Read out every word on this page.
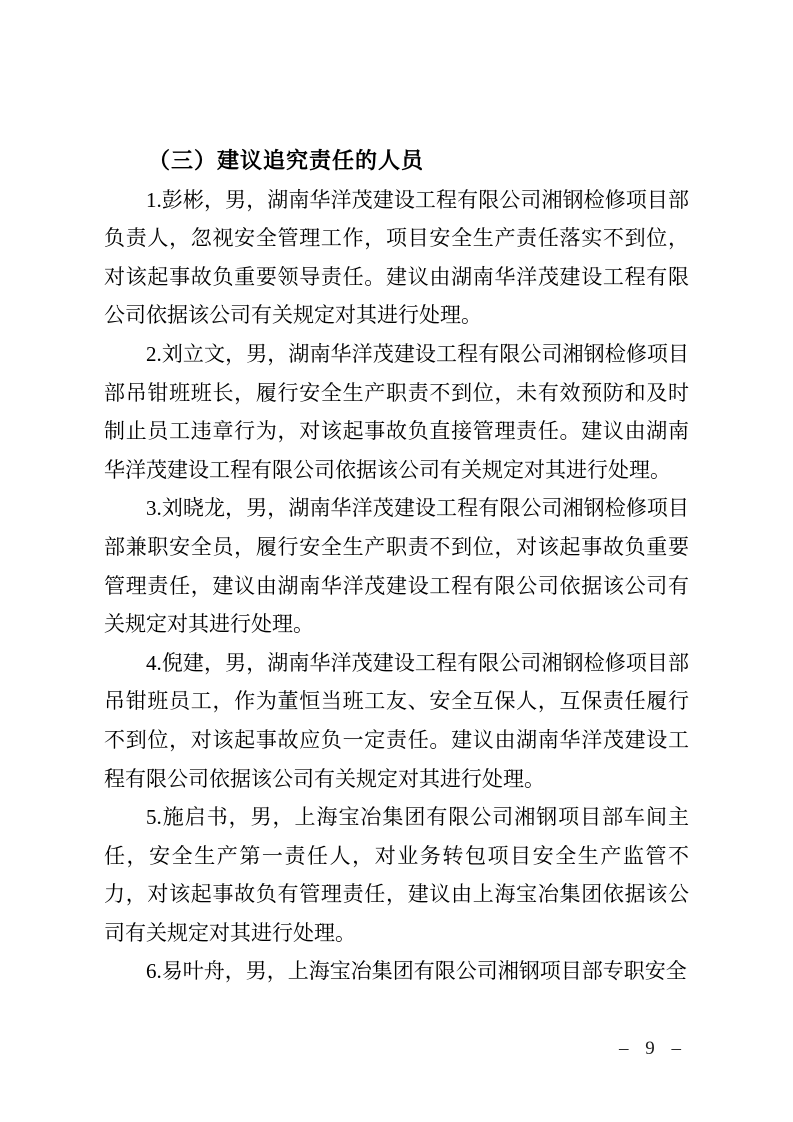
（三）建议追究责任的人员

1.彭彬，男，湖南华洋茂建设工程有限公司湘钢检修项目部负责人，忽视安全管理工作，项目安全生产责任落实不到位，对该起事故负重要领导责任。建议由湖南华洋茂建设工程有限公司依据该公司有关规定对其进行处理。

2.刘立文，男，湖南华洋茂建设工程有限公司湘钢检修项目部吊钳班班长，履行安全生产职责不到位，未有效预防和及时制止员工违章行为，对该起事故负直接管理责任。建议由湖南华洋茂建设工程有限公司依据该公司有关规定对其进行处理。

3.刘晓龙，男，湖南华洋茂建设工程有限公司湘钢检修项目部兼职安全员，履行安全生产职责不到位，对该起事故负重要管理责任，建议由湖南华洋茂建设工程有限公司依据该公司有关规定对其进行处理。

4.倪建，男，湖南华洋茂建设工程有限公司湘钢检修项目部吊钳班员工，作为董恒当班工友、安全互保人，互保责任履行不到位，对该起事故应负一定责任。建议由湖南华洋茂建设工程有限公司依据该公司有关规定对其进行处理。

5.施启书，男，上海宝冶集团有限公司湘钢项目部车间主任，安全生产第一责任人，对业务转包项目安全生产监管不力，对该起事故负有管理责任，建议由上海宝冶集团依据该公司有关规定对其进行处理。

6.易叶舟，男，上海宝冶集团有限公司湘钢项目部专职安全

– 9 –
